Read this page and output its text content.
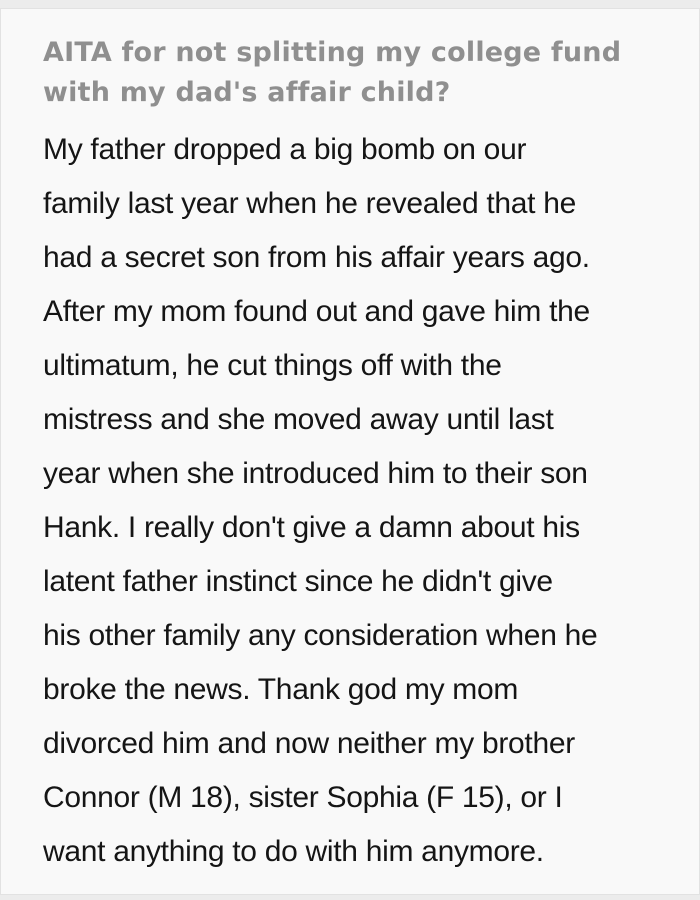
AITA for not splitting my college fund
with my dad's affair child?
My father dropped a big bomb on our
family last year when he revealed that he
had a secret son from his affair years ago.
After my mom found out and gave him the
ultimatum, he cut things off with the
mistress and she moved away until last
year when she introduced him to their son
Hank. I really don't give a damn about his
latent father instinct since he didn't give
his other family any consideration when he
broke the news. Thank god my mom
divorced him and now neither my brother
Connor (M 18), sister Sophia (F 15), or I
want anything to do with him anymore.
